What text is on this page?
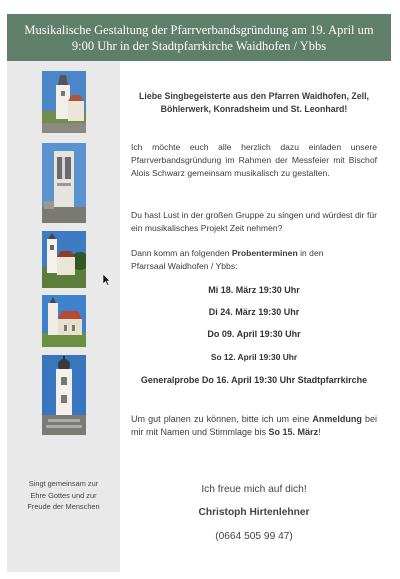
Musikalische Gestaltung der Pfarrverbandsgründung am 19. April um
9:00 Uhr in der Stadtpfarrkirche Waidhofen / Ybbs
Singt gemeinsam zur
Ehre Gottes und zur
Freude der Menschen
Liebe Singbegeisterte aus den Pfarren Waidhofen, Zell,
Böhlerwerk, Konradsheim und St. Leonhard!
Ich möchte euch alle herzlich dazu einladen unsere Pfarrverbandsgründung im Rahmen der Messfeier mit Bischof Alois Schwarz gemeinsam musikalisch zu gestalten.
Du hast Lust in der großen Gruppe zu singen und würdest dir für ein musikalisches Projekt Zeit nehmen?
Dann komm an folgenden Probenterminen in den
Pfarrsaal Waidhofen / Ybbs:
Mi 18. März 19:30 Uhr
Di 24. März 19:30 Uhr
Do 09. April 19:30 Uhr
So 12. April 19:30 Uhr
Generalprobe Do 16. April 19:30 Uhr Stadtpfarrkirche
Um gut planen zu können, bitte ich um eine Anmeldung bei mir mit Namen und Stimmlage bis So 15. März!
Ich freue mich auf dich!
Christoph Hirtenlehner
(0664 505 99 47)
